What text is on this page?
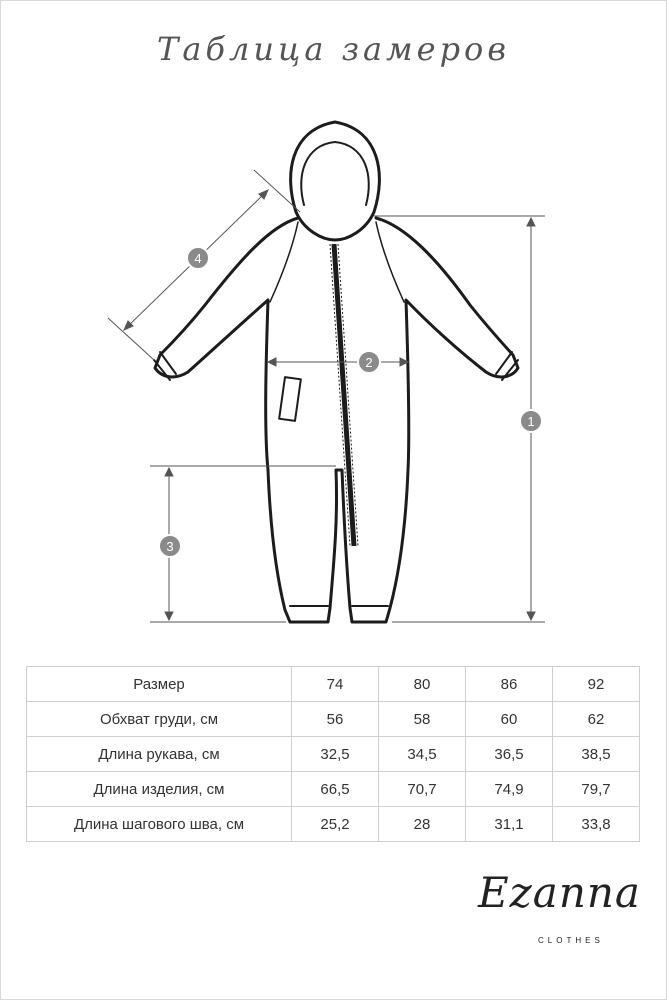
Таблица замеров
1
2
3
4
Размер	74	80	86	92
Обхват груди, см	56	58	60	62
Длина рукава, см	32,5	34,5	36,5	38,5
Длина изделия, см	66,5	70,7	74,9	79,7
Длина шагового шва, см	25,2	28	31,1	33,8
Ezanna
CLOTHES
